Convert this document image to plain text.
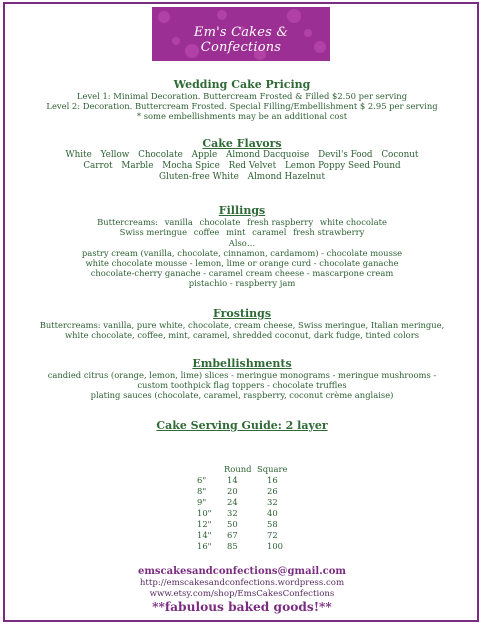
Em's Cakes & Confections
Wedding Cake Pricing
Level 1: Minimal Decoration. Buttercream Frosted & Filled $2.50 per serving
Level 2: Decoration. Buttercream Frosted. Special Filling/Embellishment $ 2.95 per serving
* some embellishments may be an additional cost
Cake Flavors
White Yellow Chocolate Apple Almond Dacquoise Devil's Food Coconut
Carrot Marble Mocha Spice Red Velvet Lemon Poppy Seed Pound
Gluten-free White Almond Hazelnut
Fillings
Buttercreams: vanilla chocolate fresh raspberry white chocolate
Swiss meringue coffee mint caramel fresh strawberry
Also…
pastry cream (vanilla, chocolate, cinnamon, cardamom) - chocolate mousse
white chocolate mousse - lemon, lime or orange curd - chocolate ganache
chocolate-cherry ganache - caramel cream cheese - mascarpone cream
pistachio - raspberry jam
Frostings
Buttercreams: vanilla, pure white, chocolate, cream cheese, Swiss meringue, Italian meringue,
white chocolate, coffee, mint, caramel, shredded coconut, dark fudge, tinted colors
Embellishments
candied citrus (orange, lemon, lime) slices - meringue monograms - meringue mushrooms -
custom toothpick flag toppers - chocolate truffles
plating sauces (chocolate, caramel, raspberry, coconut crème anglaise)
Cake Serving Guide: 2 layer
	Round	Square
6"	14	16
8"	20	26
9"	24	32
10"	32	40
12"	50	58
14"	67	72
16"	85	100
emscakesandconfections@gmail.com
http://emscakesandconfections.wordpress.com
www.etsy.com/shop/EmsCakesConfections
**fabulous baked goods!**
